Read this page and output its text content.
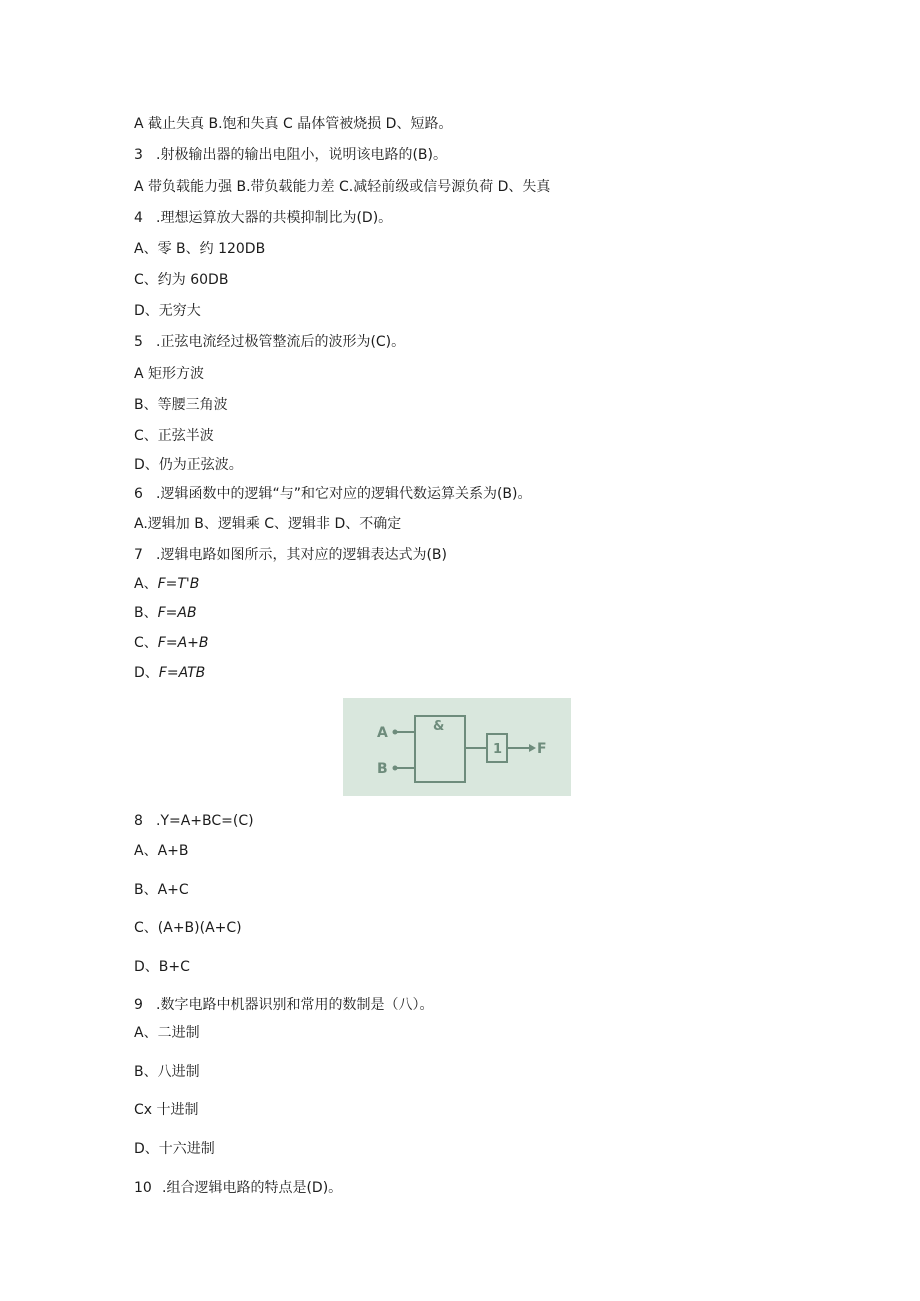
A 截止失真 B.饱和失真 C 晶体管被烧损 D、短路。
3 .射极输出器的输出电阻小，说明该电路的(B)。
A 带负载能力强 B.带负载能力差 C.减轻前级或信号源负荷 D、失真
4 .理想运算放大器的共模抑制比为(D)。
A、零 B、约 120DB
C、约为 60DB
D、无穷大
5 .正弦电流经过极管整流后的波形为(C)。
A 矩形方波
B、等腰三角波
C、正弦半波
D、仍为正弦波。
6 .逻辑函数中的逻辑“与”和它对应的逻辑代数运算关系为(B)。
A.逻辑加 B、逻辑乘 C、逻辑非 D、不确定
7 .逻辑电路如图所示，其对应的逻辑表达式为(B)
A、F=T'B
B、F=AB
C、F=A+B
D、F=ATB
A
B
&
1 F
8 .Y=A+BC=(C)
A、A+B
B、A+C
C、(A+B)(A+C)
D、B+C
9 .数字电路中机器识别和常用的数制是（八）。
A、二进制
B、八进制
Cx 十进制
D、十六进制
10 .组合逻辑电路的特点是(D)。
